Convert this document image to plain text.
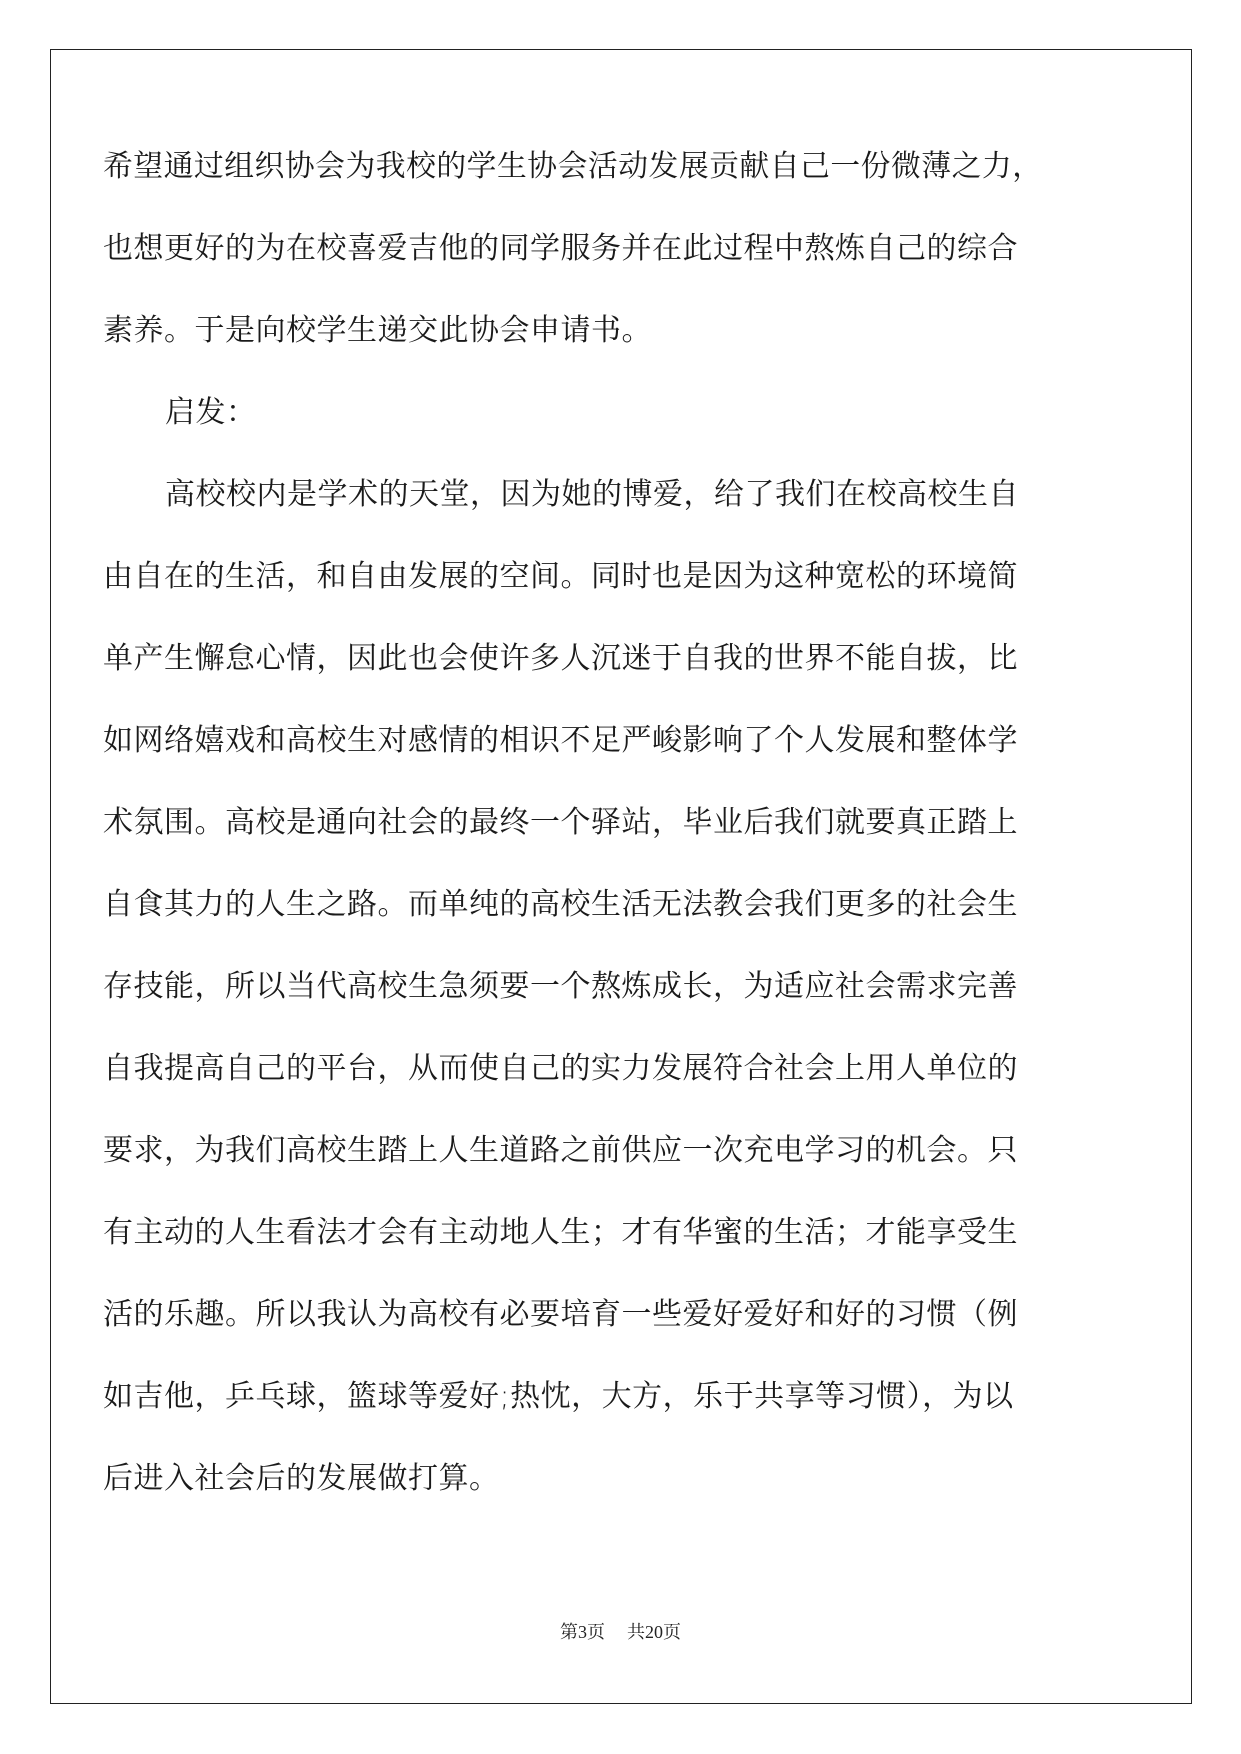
希望通过组织协会为我校的学生协会活动发展贡献自己一份微薄之力，
也想更好的为在校喜爱吉他的同学服务并在此过程中熬炼自己的综合
素养。于是向校学生递交此协会申请书。
启发：
高校校内是学术的天堂，因为她的博爱，给了我们在校高校生自
由自在的生活，和自由发展的空间。同时也是因为这种宽松的环境简
单产生懈怠心情，因此也会使许多人沉迷于自我的世界不能自拔，比
如网络嬉戏和高校生对感情的相识不足严峻影响了个人发展和整体学
术氛围。高校是通向社会的最终一个驿站，毕业后我们就要真正踏上
自食其力的人生之路。而单纯的高校生活无法教会我们更多的社会生
存技能，所以当代高校生急须要一个熬炼成长，为适应社会需求完善
自我提高自己的平台，从而使自己的实力发展符合社会上用人单位的
要求，为我们高校生踏上人生道路之前供应一次充电学习的机会。只
有主动的人生看法才会有主动地人生；才有华蜜的生活；才能享受生
活的乐趣。所以我认为高校有必要培育一些爱好爱好和好的习惯（例
如吉他，乒乓球，篮球等爱好;热忱，大方，乐于共享等习惯），为以
后进入社会后的发展做打算。
第3页 共20页
